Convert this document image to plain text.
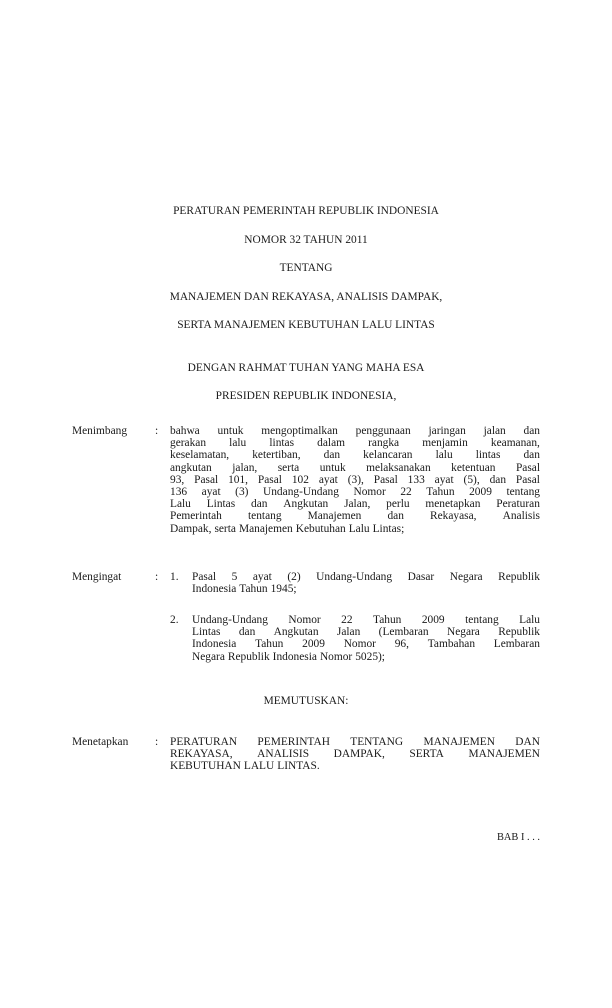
PERATURAN PEMERINTAH REPUBLIK INDONESIA
NOMOR 32 TAHUN 2011
TENTANG
MANAJEMEN DAN REKAYASA, ANALISIS DAMPAK,
SERTA MANAJEMEN KEBUTUHAN LALU LINTAS
DENGAN RAHMAT TUHAN YANG MAHA ESA
PRESIDEN REPUBLIK INDONESIA,
Menimbang : bahwa untuk mengoptimalkan penggunaan jaringan jalan dan
gerakan lalu lintas dalam rangka menjamin keamanan,
keselamatan, ketertiban, dan kelancaran lalu lintas dan
angkutan jalan, serta untuk melaksanakan ketentuan Pasal
93, Pasal 101, Pasal 102 ayat (3), Pasal 133 ayat (5), dan Pasal
136 ayat (3) Undang-Undang Nomor 22 Tahun 2009 tentang
Lalu Lintas dan Angkutan Jalan, perlu menetapkan Peraturan
Pemerintah tentang Manajemen dan Rekayasa, Analisis
Dampak, serta Manajemen Kebutuhan Lalu Lintas;
Mengingat	: 1. Pasal 5 ayat (2) Undang-Undang Dasar Negara Republik
Indonesia Tahun 1945;
2. Undang-Undang Nomor 22 Tahun 2009 tentang Lalu
Lintas dan Angkutan Jalan (Lembaran Negara Republik
Indonesia Tahun 2009 Nomor 96, Tambahan Lembaran
Negara Republik Indonesia Nomor 5025);
MEMUTUSKAN:
Menetapkan : PERATURAN PEMERINTAH TENTANG MANAJEMEN DAN
REKAYASA, ANALISIS DAMPAK, SERTA MANAJEMEN
KEBUTUHAN LALU LINTAS.
BAB I . . .
